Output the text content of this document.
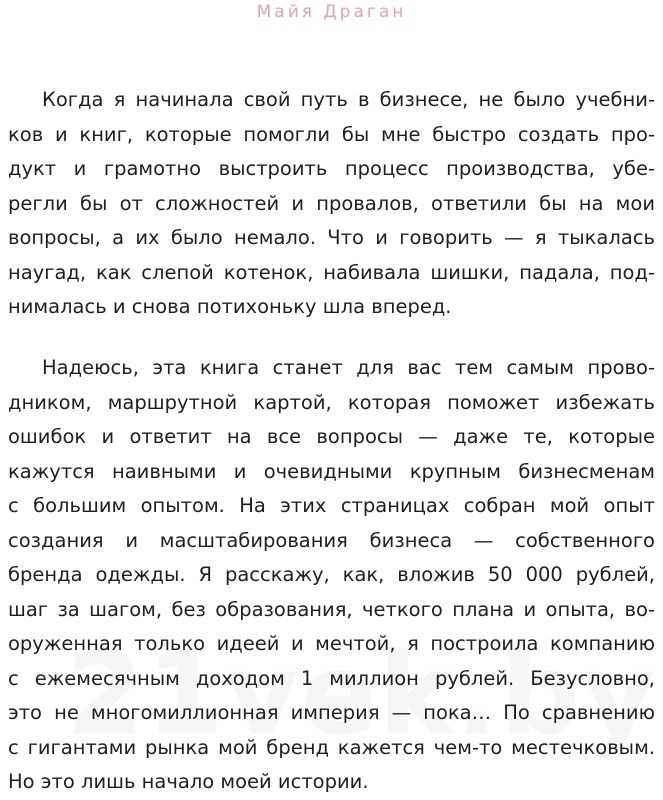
Майя Драган
Когда я начинала свой путь в бизнесе, не было учебни-
ков и книг, которые помогли бы мне быстро создать про-
дукт и грамотно выстроить процесс производства, убе-
регли бы от сложностей и провалов, ответили бы на мои
вопросы, а их было немало. Что и говорить — я тыкалась
наугад, как слепой котенок, набивала шишки, падала, под-
нималась и снова потихоньку шла вперед.
Надеюсь, эта книга станет для вас тем самым прово-
дником, маршрутной картой, которая поможет избежать
ошибок и ответит на все вопросы — даже те, которые
кажутся наивными и очевидными крупным бизнесменам
с большим опытом. На этих страницах собран мой опыт
создания и масштабирования бизнеса — собственного
бренда одежды. Я расскажу, как, вложив 50 000 рублей,
шаг за шагом, без образования, четкого плана и опыта, во-
оруженная только идеей и мечтой, я построила компанию
с ежемесячным доходом 1 миллион рублей. Безусловно,
это не многомиллионная империя — пока… По сравнению
с гигантами рынка мой бренд кажется чем-то местечковым.
Но это лишь начало моей истории.
